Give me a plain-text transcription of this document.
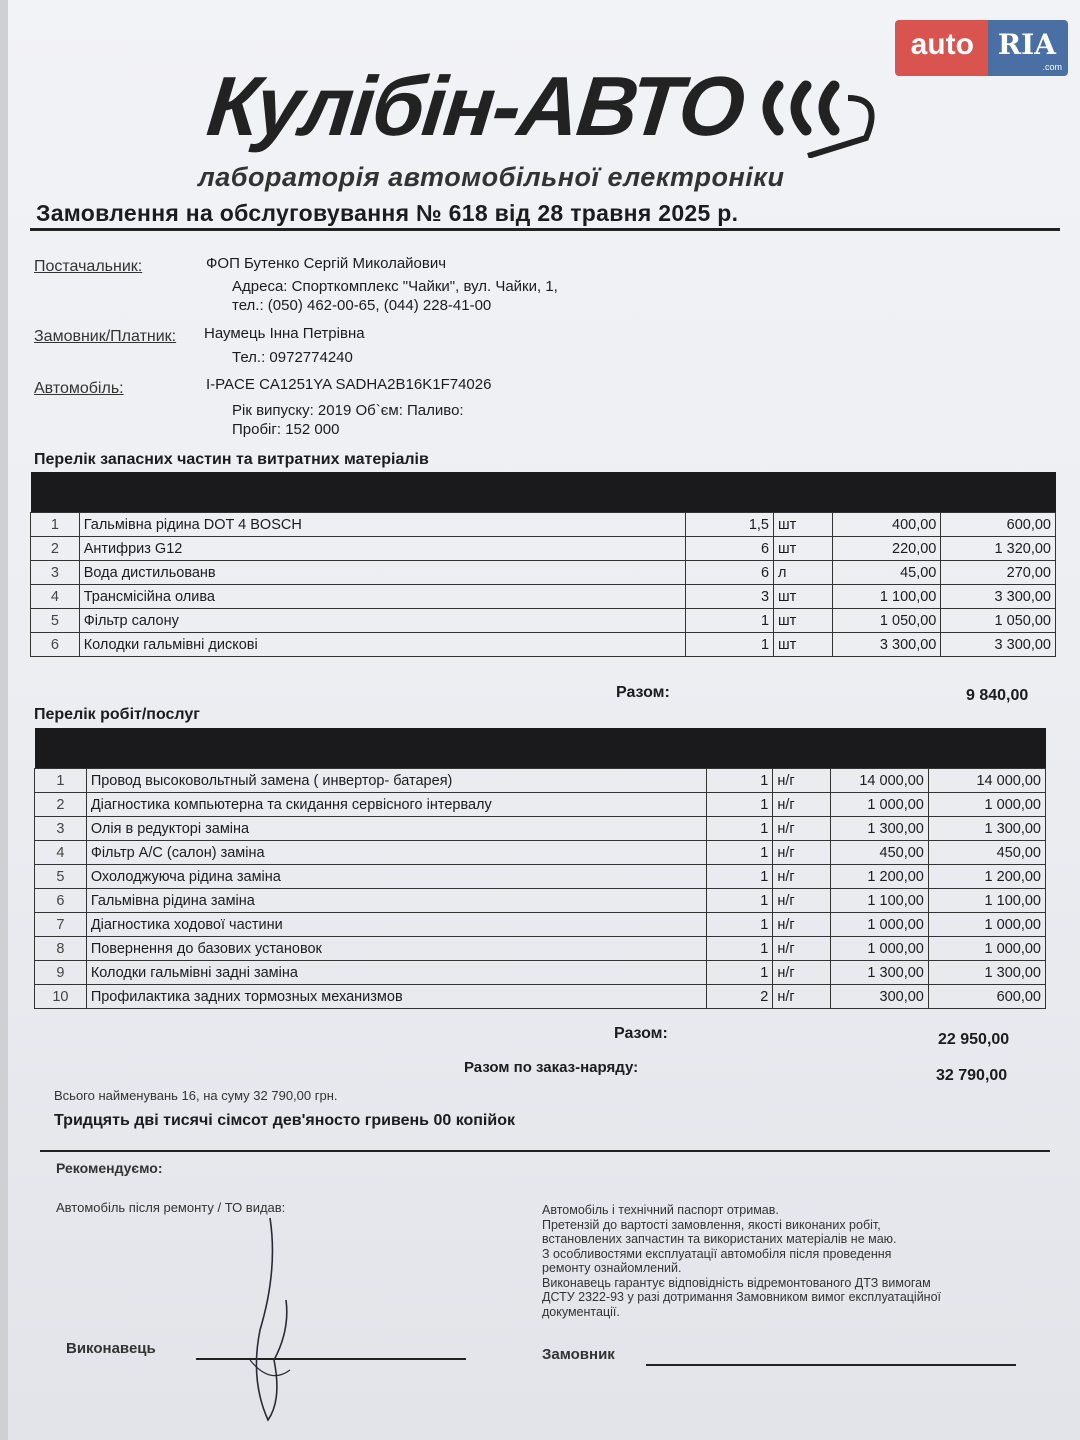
auto RIA
.com
Кулібін-АВТО
лабораторія автомобільної електроніки
Замовлення на обслуговування № 618 від 28 травня 2025 р.
Постачальник:	ФОП Бутенко Сергій Миколайович
Адреса: Спорткомплекс "Чайки", вул. Чайки, 1,
тел.: (050) 462-00-65, (044) 228-41-00
Замовник/Платник: Наумець Інна Петрівна
Тел.: 0972774240
Автомобіль:	I-PACE CA1251YA SADHA2B16K1F74026
Рік випуску: 2019 Об`єм: Паливо:
Пробіг: 152 000
Перелік запасних частин та витратних матеріалів

1	Гальмівна рідина DOT 4 BOSCH	1,5	шт	400,00	600,00
2	Антифриз G12	6	шт	220,00	1 320,00
3	Вода дистильованв	6	л	45,00	270,00
4	Трансмісійна олива	3	шт	1 100,00	3 300,00
5	Фільтр салону	1	шт	1 050,00	1 050,00
6	Колодки гальмівні дискові	1	шт	3 300,00	3 300,00
Разом:	9 840,00
Перелік робіт/послуг

1	Провод высоковольтный замена ( инвертор- батарея)	1	н/г	14 000,00	14 000,00
2	Діагностика компьютерна та скидання сервісного інтервалу	1	н/г	1 000,00	1 000,00
3	Олія в редукторі заміна	1	н/г	1 300,00	1 300,00
4	Фільтр А/С (салон) заміна	1	н/г	450,00	450,00
5	Охолоджуюча рідина заміна	1	н/г	1 200,00	1 200,00
6	Гальмівна рідина заміна	1	н/г	1 100,00	1 100,00
7	Діагностика ходової частини	1	н/г	1 000,00	1 000,00
8	Повернення до базових установок	1	н/г	1 000,00	1 000,00
9	Колодки гальмівні задні заміна	1	н/г	1 300,00	1 300,00
10	Профилактика задних тормозных механизмов	2	н/г	300,00	600,00
Разом:	22 950,00
Разом по заказ-наряду:	32 790,00
Всього найменувань 16, на суму 32 790,00 грн.
Тридцять дві тисячі сімсот дев'яносто гривень 00 копійок
Рекомендуємо:
Автомобіль після ремонту / ТО видав:	Автомобіль і технічний паспорт отримав.
Претензій до вартості замовлення, якості виконаних робіт,
встановлених запчастин та використаних матеріалів не маю.
З особливостями експлуатації автомобіля після проведення
ремонту ознайомлений.
Виконавець гарантує відповідність відремонтованого ДТЗ вимогам
ДСТУ 2322-93 у разі дотримання Замовником вимог експлуатаційної
документації.
Виконавець	Замовник
